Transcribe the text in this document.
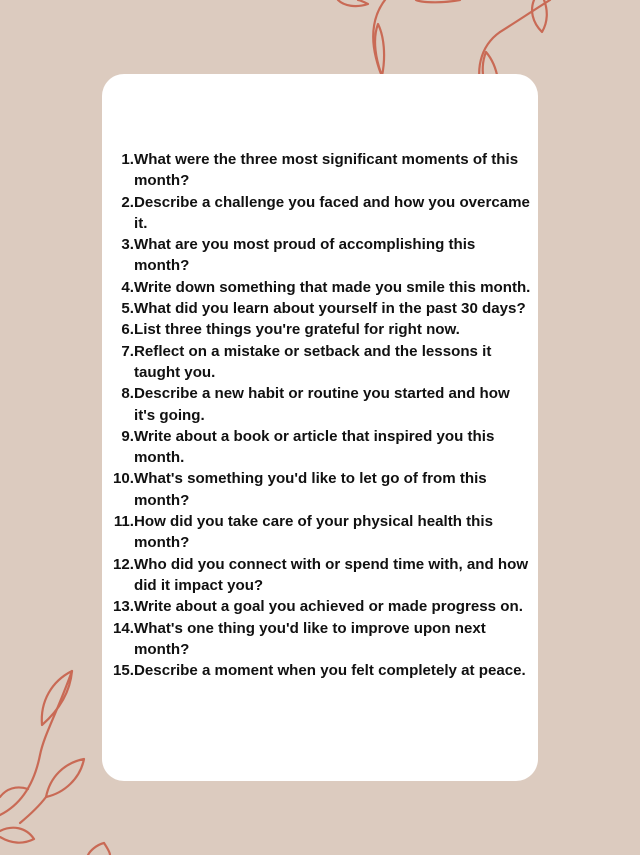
1. What were the three most significant moments of this month?
2. Describe a challenge you faced and how you overcame it.
3. What are you most proud of accomplishing this month?
4. Write down something that made you smile this month.
5. What did you learn about yourself in the past 30 days?
6. List three things you're grateful for right now.
7. Reflect on a mistake or setback and the lessons it taught you.
8. Describe a new habit or routine you started and how it's going.
9. Write about a book or article that inspired you this month.
10. What's something you'd like to let go of from this month?
11. How did you take care of your physical health this month?
12. Who did you connect with or spend time with, and how did it impact you?
13. Write about a goal you achieved or made progress on.
14. What's one thing you'd like to improve upon next month?
15. Describe a moment when you felt completely at peace.
